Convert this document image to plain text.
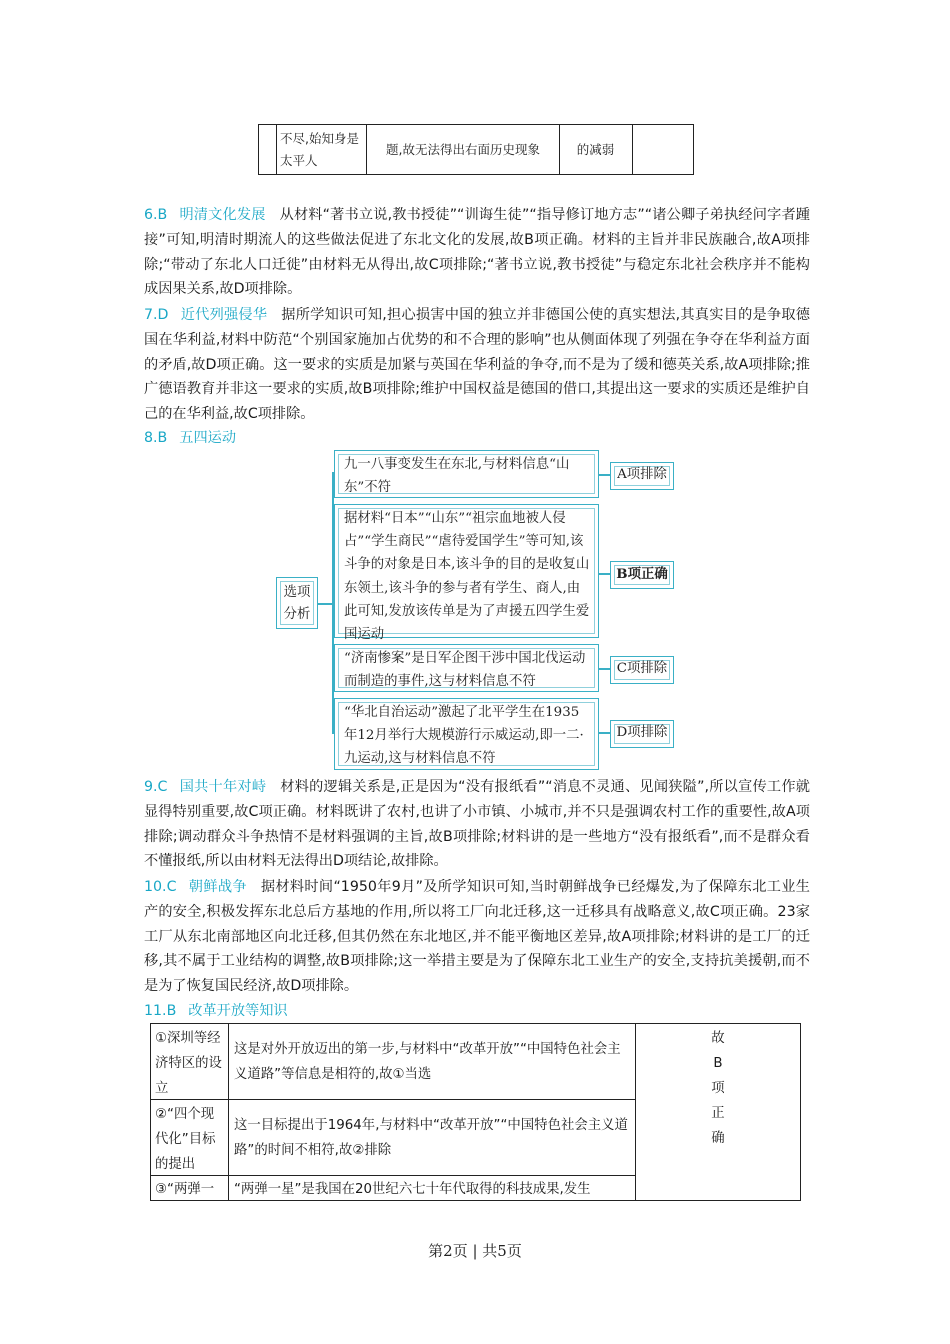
不尽,始知身是太平人
题,故无法得出右面历史现象	的减弱
6.B 明清文化发展 从材料“著书立说,教书授徒”“训诲生徒”“指导修订地方志”“诸公卿子弟执经问字者踵接”可知,明清时期流人的这些做法促进了东北文化的发展,故B项正确。材料的主旨并非民族融合,故A项排除;“带动了东北人口迁徙”由材料无从得出,故C项排除;“著书立说,教书授徒”与稳定东北社会秩序并不能构成因果关系,故D项排除。
7.D 近代列强侵华 据所学知识可知,担心损害中国的独立并非德国公使的真实想法,其真实目的是争取德国在华利益,材料中防范“个别国家施加占优势的和不合理的影响”也从侧面体现了列强在争夺在华利益方面的矛盾,故D项正确。这一要求的实质是加紧与英国在华利益的争夺,而不是为了缓和德英关系,故A项排除;推广德语教育并非这一要求的实质,故B项排除;维护中国权益是德国的借口,其提出这一要求的实质还是维护自己的在华利益,故C项排除。
8.B 五四运动
选项分析
九一八事变发生在东北,与材料信息“山东”不符
A项排除
据材料“日本”“山东”“祖宗血地被人侵占”“学生商民”“虐待爱国学生”等可知,该斗争的对象是日本,该斗争的目的是收复山东领土,该斗争的参与者有学生、商人,由此可知,发放该传单是为了声援五四学生爱国运动
B项正确
“济南惨案”是日军企图干涉中国北伐运动而制造的事件,这与材料信息不符
C项排除
“华北自治运动”激起了北平学生在1935年12月举行大规模游行示威运动,即一二·九运动,这与材料信息不符
D项排除
9.C 国共十年对峙 材料的逻辑关系是,正是因为“没有报纸看”“消息不灵通、见闻狭隘”,所以宣传工作就显得特别重要,故C项正确。材料既讲了农村,也讲了小市镇、小城市,并不只是强调农村工作的重要性,故A项排除;调动群众斗争热情不是材料强调的主旨,故B项排除;材料讲的是一些地方“没有报纸看”,而不是群众看不懂报纸,所以由材料无法得出D项结论,故排除。
10.C 朝鲜战争 据材料时间“1950年9月”及所学知识可知,当时朝鲜战争已经爆发,为了保障东北工业生产的安全,积极发挥东北总后方基地的作用,所以将工厂向北迁移,这一迁移具有战略意义,故C项正确。23家工厂从东北南部地区向北迁移,但其仍然在东北地区,并不能平衡地区差异,故A项排除;材料讲的是工厂的迁移,其不属于工业结构的调整,故B项排除;这一举措主要是为了保障东北工业生产的安全,支持抗美援朝,而不是为了恢复国民经济,故D项排除。
11.B 改革开放等知识
①深圳等经济特区的设立
这是对外开放迈出的第一步,与材料中“改革开放”“中国特色社会主义道路”等信息是相符的,故①当选
②“四个现代化”目标的提出
这一目标提出于1964年,与材料中“改革开放”“中国特色社会主义道路”的时间不相符,故②排除
③“两弹一	“两弹一星”是我国在20世纪六七十年代取得的科技成果,发生
故
B
项
正
确
第2页 | 共5页
